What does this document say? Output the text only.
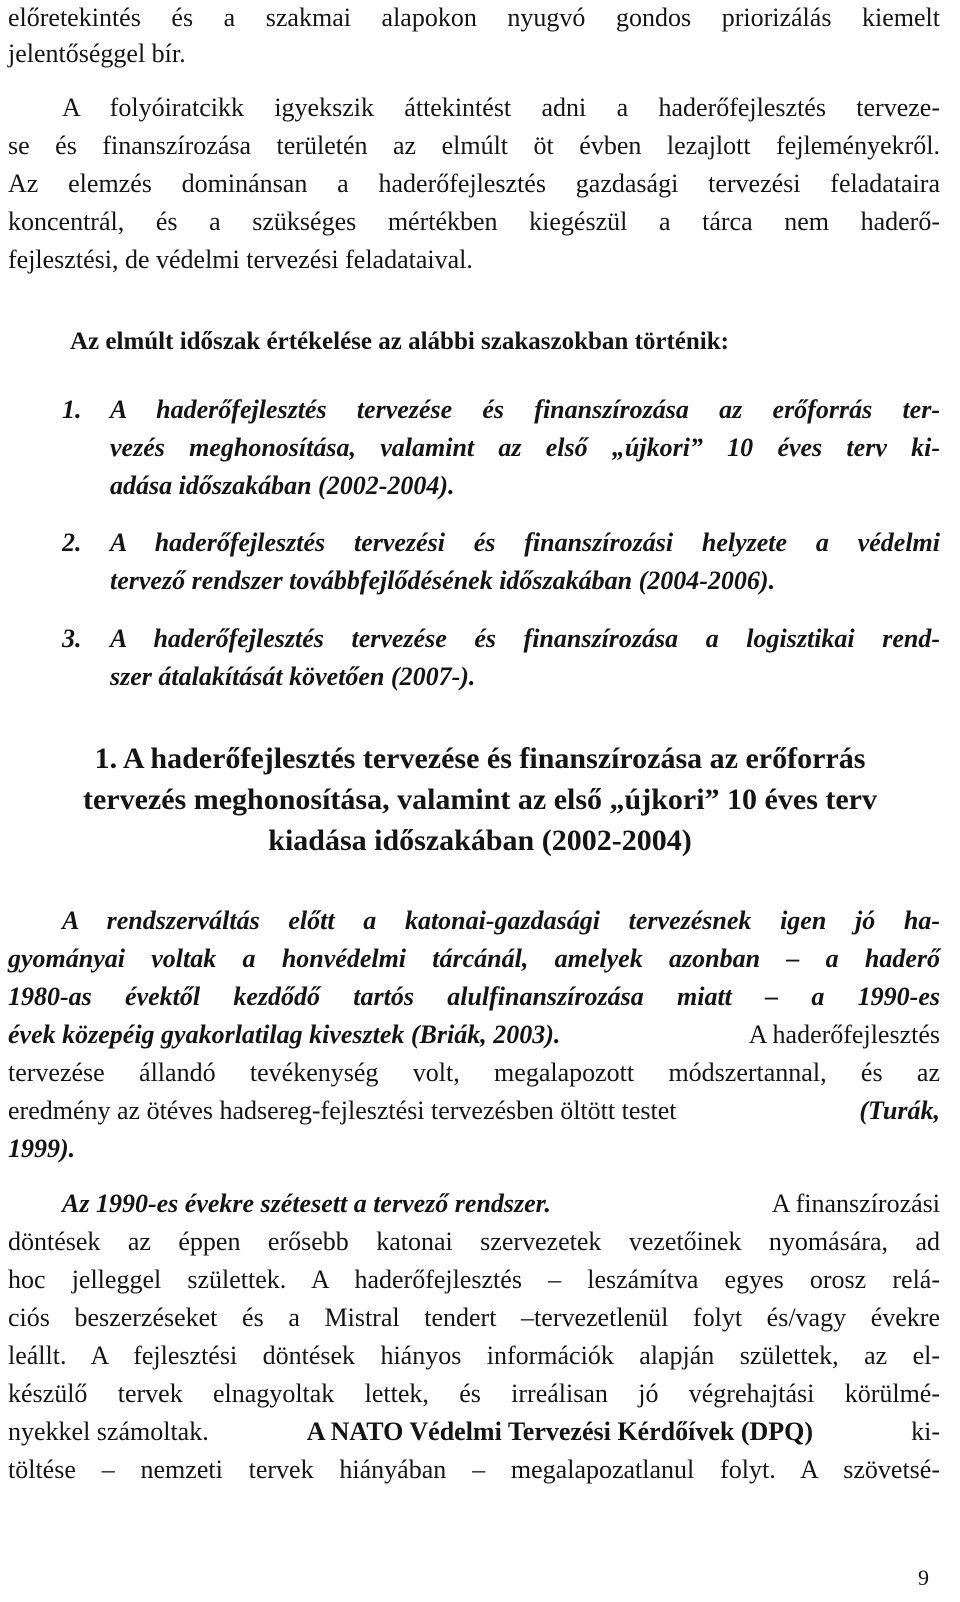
előretekintés és a szakmai alapokon nyugvó gondos priorizálás kiemelt
jelentőséggel bír.
A folyóiratcikk igyekszik áttekintést adni a haderőfejlesztés terveze-
se és finanszírozása területén az elmúlt öt évben lezajlott fejleményekről.
Az elemzés dominánsan a haderőfejlesztés gazdasági tervezési feladataira
koncentrál, és a szükséges mértékben kiegészül a tárca nem haderő-
fejlesztési, de védelmi tervezési feladataival.
Az elmúlt időszak értékelése az alábbi szakaszokban történik:
1. A haderőfejlesztés tervezése és finanszírozása az erőforrás ter-
vezés meghonosítása, valamint az első „újkori” 10 éves terv ki-
adása időszakában (2002-2004).
2. A haderőfejlesztés tervezési és finanszírozási helyzete a védelmi
tervező rendszer továbbfejlődésének időszakában (2004-2006).
3. A haderőfejlesztés tervezése és finanszírozása a logisztikai rend-
szer átalakítását követően (2007-).
1. A haderőfejlesztés tervezése és finanszírozása az erőforrás
tervezés meghonosítása, valamint az első „újkori” 10 éves terv
kiadása időszakában (2002-2004)
A rendszerváltás előtt a katonai-gazdasági tervezésnek igen jó ha-
gyományai voltak a honvédelmi tárcánál, amelyek azonban – a haderő
1980-as évektől kezdődő tartós alulfinanszírozása miatt – a 1990-es
évek közepéig gyakorlatilag kivesztek (Briák, 2003).	A haderőfejlesztés
tervezése állandó tevékenység volt, megalapozott módszertannal, és az
eredmény az ötéves hadsereg-fejlesztési tervezésben öltött testet	(Turák,
1999).
Az 1990-es évekre szétesett a tervező rendszer.	A finanszírozási
döntések az éppen erősebb katonai szervezetek vezetőinek nyomására, ad
hoc jelleggel születtek. A haderőfejlesztés – leszámítva egyes orosz relá-
ciós beszerzéseket és a Mistral tendert –tervezetlenül folyt és/vagy évekre
leállt. A fejlesztési döntések hiányos információk alapján születtek, az el-
készülő tervek elnagyoltak lettek, és irreálisan jó végrehajtási körülmé-
nyekkel számoltak.	A NATO Védelmi Tervezési Kérdőívek (DPQ)	ki-
töltése – nemzeti tervek hiányában – megalapozatlanul folyt. A szövetsé-
9
